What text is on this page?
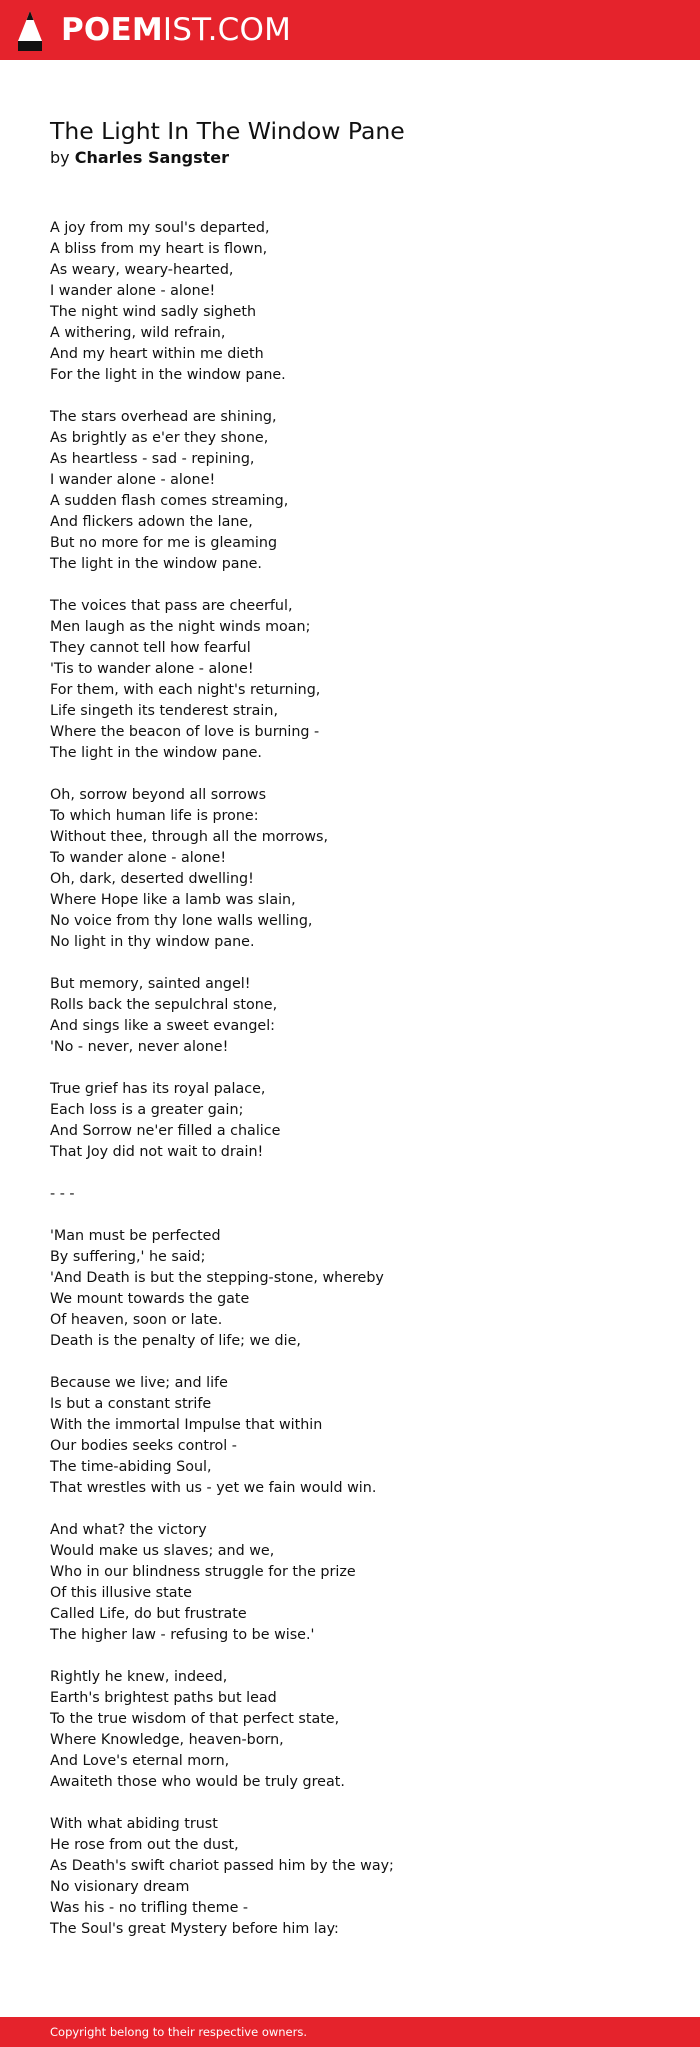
POEMIST.COM
The Light In The Window Pane
by Charles Sangster
A joy from my soul's departed,
A bliss from my heart is flown,
As weary, weary-hearted,
I wander alone - alone!
The night wind sadly sigheth
A withering, wild refrain,
And my heart within me dieth
For the light in the window pane.
The stars overhead are shining,
As brightly as e'er they shone,
As heartless - sad - repining,
I wander alone - alone!
A sudden flash comes streaming,
And flickers adown the lane,
But no more for me is gleaming
The light in the window pane.
The voices that pass are cheerful,
Men laugh as the night winds moan;
They cannot tell how fearful
'Tis to wander alone - alone!
For them, with each night's returning,
Life singeth its tenderest strain,
Where the beacon of love is burning -
The light in the window pane.
Oh, sorrow beyond all sorrows
To which human life is prone:
Without thee, through all the morrows,
To wander alone - alone!
Oh, dark, deserted dwelling!
Where Hope like a lamb was slain,
No voice from thy lone walls welling,
No light in thy window pane.
But memory, sainted angel!
Rolls back the sepulchral stone,
And sings like a sweet evangel:
'No - never, never alone!
True grief has its royal palace,
Each loss is a greater gain;
And Sorrow ne'er filled a chalice
That Joy did not wait to drain!
- - -
'Man must be perfected
By suffering,' he said;
'And Death is but the stepping-stone, whereby
We mount towards the gate
Of heaven, soon or late.
Death is the penalty of life; we die,
Because we live; and life
Is but a constant strife
With the immortal Impulse that within
Our bodies seeks control -
The time-abiding Soul,
That wrestles with us - yet we fain would win.
And what? the victory
Would make us slaves; and we,
Who in our blindness struggle for the prize
Of this illusive state
Called Life, do but frustrate
The higher law - refusing to be wise.'
Rightly he knew, indeed,
Earth's brightest paths but lead
To the true wisdom of that perfect state,
Where Knowledge, heaven-born,
And Love's eternal morn,
Awaiteth those who would be truly great.
With what abiding trust
He rose from out the dust,
As Death's swift chariot passed him by the way;
No visionary dream
Was his - no trifling theme -
The Soul's great Mystery before him lay:
Copyright belong to their respective owners.
